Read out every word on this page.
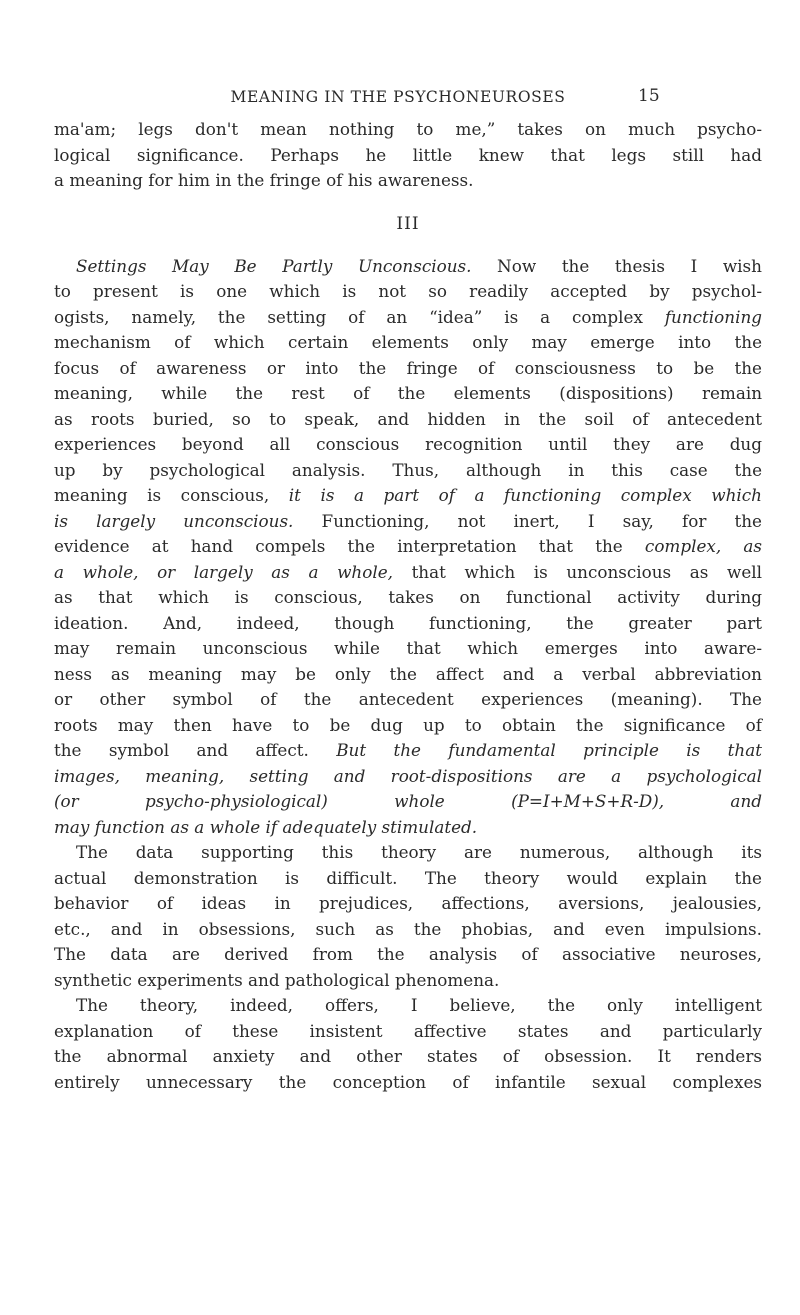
MEANING IN THE PSYCHONEUROSES	15
ma'am; legs don't mean nothing to me,” takes on much psycho-
logical significance. Perhaps he little knew that legs still had
a meaning for him in the fringe of his awareness.
III
Settings May Be Partly Unconscious. Now the thesis I wish
to present is one which is not so readily accepted by psychol-
ogists, namely, the setting of an “idea” is a complex functioning
mechanism of which certain elements only may emerge into the
focus of awareness or into the fringe of consciousness to be the
meaning, while the rest of the elements (dispositions) remain
as roots buried, so to speak, and hidden in the soil of antecedent
experiences beyond all conscious recognition until they are dug
up by psychological analysis. Thus, although in this case the
meaning is conscious, it is a part of a functioning complex which
is largely unconscious. Functioning, not inert, I say, for the
evidence at hand compels the interpretation that the complex, as
a whole, or largely as a whole, that which is unconscious as well
as that which is conscious, takes on functional activity during
ideation. And, indeed, though functioning, the greater part
may remain unconscious while that which emerges into aware-
ness as meaning may be only the affect and a verbal abbreviation
or other symbol of the antecedent experiences (meaning). The
roots may then have to be dug up to obtain the significance of
the symbol and affect. But the fundamental principle is that
images, meaning, setting and root-dispositions are a psychological
(or psycho-physiological) whole (P=I+M+S+R-D), and
may function as a whole if adequately stimulated.
The data supporting this theory are numerous, although its
actual demonstration is difficult. The theory would explain the
behavior of ideas in prejudices, affections, aversions, jealousies,
etc., and in obsessions, such as the phobias, and even impulsions.
The data are derived from the analysis of associative neuroses,
synthetic experiments and pathological phenomena.
The theory, indeed, offers, I believe, the only intelligent
explanation of these insistent affective states and particularly
the abnormal anxiety and other states of obsession. It renders
entirely unnecessary the conception of infantile sexual complexes
